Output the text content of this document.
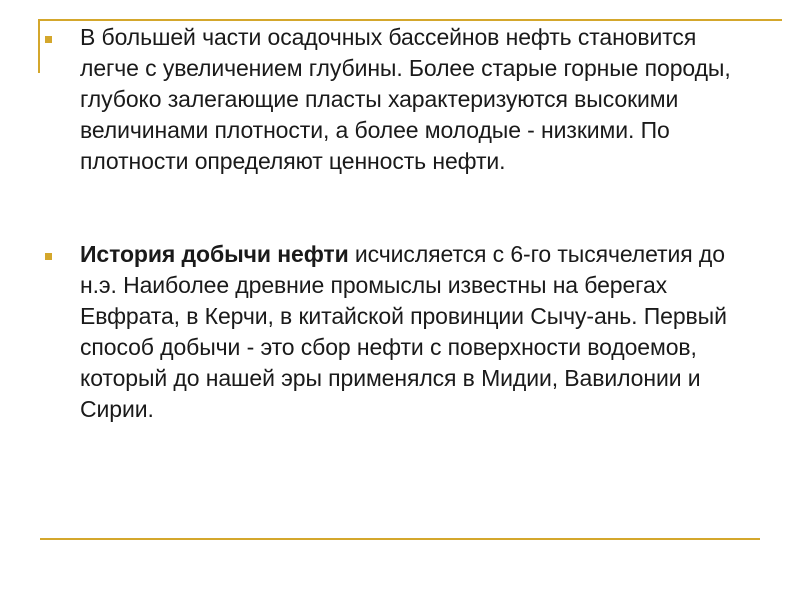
В большей части осадочных бассейнов нефть становится легче с увеличением глубины. Более старые горные породы, глубоко залегающие пласты характеризуются высокими величинами плотности, а более молодые - низкими. По плотности определяют ценность нефти.
История добычи нефти исчисляется с 6-го тысячелетия до н.э. Наиболее древние промыслы известны на берегах Евфрата, в Керчи, в китайской провинции Сычу-ань. Первый способ добычи - это сбор нефти с поверхности водоемов, который до нашей эры применялся в Мидии, Вавилонии и Сирии.
